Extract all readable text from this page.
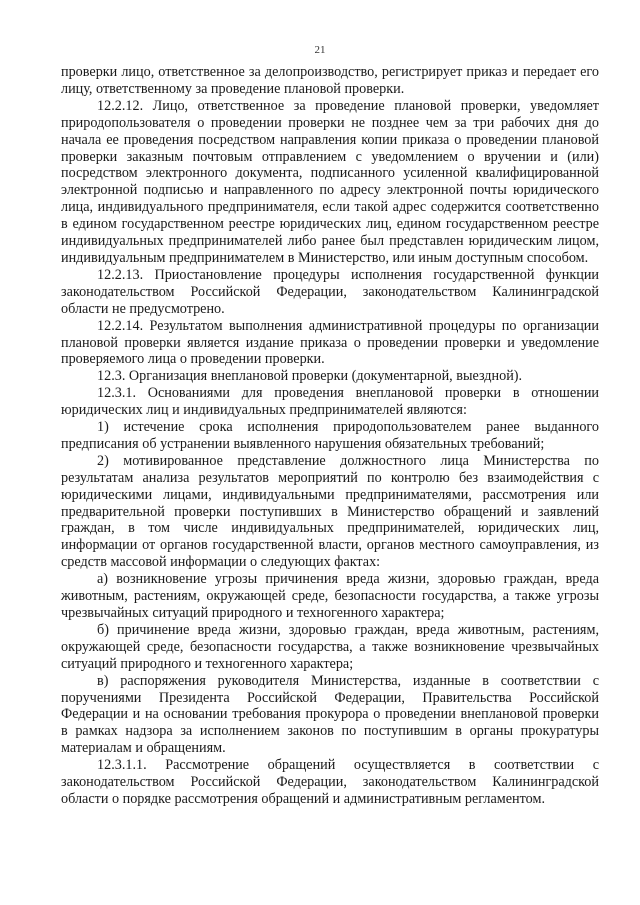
21

проверки лицо, ответственное за делопроизводство, регистрирует приказ и передает его лицу, ответственному за проведение плановой проверки.

12.2.12. Лицо, ответственное за проведение плановой проверки, уведомляет природопользователя о проведении проверки не позднее чем за три рабочих дня до начала ее проведения посредством направления копии приказа о проведении плановой проверки заказным почтовым отправлением с уведомлением о вручении и (или) посредством электронного документа, подписанного усиленной квалифицированной электронной подписью и направленного по адресу электронной почты юридического лица, индивидуального предпринимателя, если такой адрес содержится соответственно в едином государственном реестре юридических лиц, едином государственном реестре индивидуальных предпринимателей либо ранее был представлен юридическим лицом, индивидуальным предпринимателем в Министерство, или иным доступным способом.

12.2.13. Приостановление процедуры исполнения государственной функции законодательством Российской Федерации, законодательством Калининградской области не предусмотрено.

12.2.14. Результатом выполнения административной процедуры по организации плановой проверки является издание приказа о проведении проверки и уведомление проверяемого лица о проведении проверки.

12.3. Организация внеплановой проверки (документарной, выездной).

12.3.1. Основаниями для проведения внеплановой проверки в отношении юридических лиц и индивидуальных предпринимателей являются:

1) истечение срока исполнения природопользователем ранее выданного предписания об устранении выявленного нарушения обязательных требований;

2) мотивированное представление должностного лица Министерства по результатам анализа результатов мероприятий по контролю без взаимодействия с юридическими лицами, индивидуальными предпринимателями, рассмотрения или предварительной проверки поступивших в Министерство обращений и заявлений граждан, в том числе индивидуальных предпринимателей, юридических лиц, информации от органов государственной власти, органов местного самоуправления, из средств массовой информации о следующих фактах:

а) возникновение угрозы причинения вреда жизни, здоровью граждан, вреда животным, растениям, окружающей среде, безопасности государства, а также угрозы чрезвычайных ситуаций природного и техногенного характера;

б) причинение вреда жизни, здоровью граждан, вреда животным, растениям, окружающей среде, безопасности государства, а также возникновение чрезвычайных ситуаций природного и техногенного характера;

в) распоряжения руководителя Министерства, изданные в соответствии с поручениями Президента Российской Федерации, Правительства Российской Федерации и на основании требования прокурора о проведении внеплановой проверки в рамках надзора за исполнением законов по поступившим в органы прокуратуры материалам и обращениям.

12.3.1.1. Рассмотрение обращений осуществляется в соответствии с законодательством Российской Федерации, законодательством Калининградской области о порядке рассмотрения обращений и административным регламентом.
